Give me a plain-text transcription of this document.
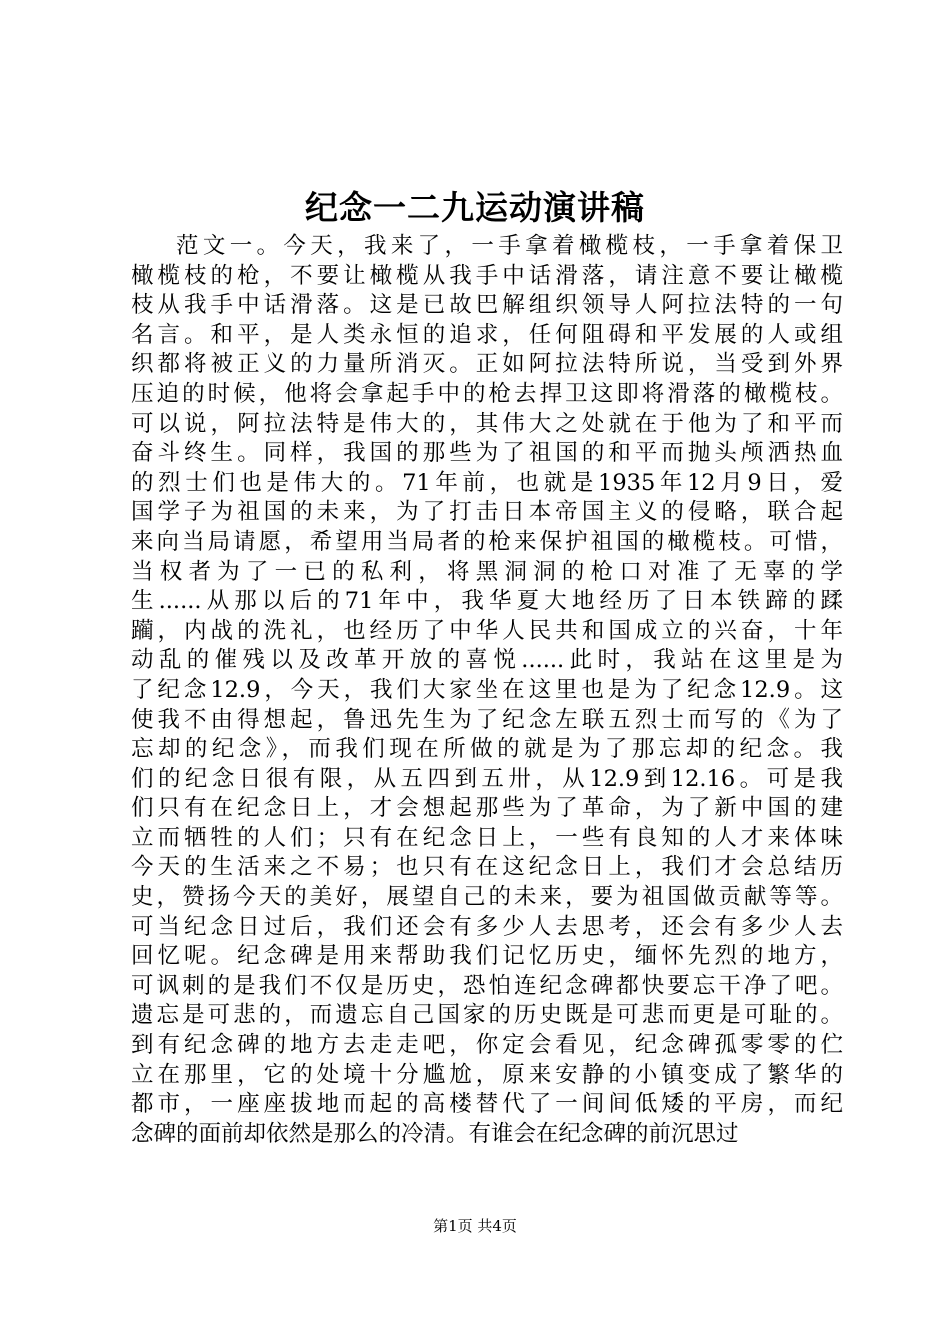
纪念一二九运动演讲稿
范文一。今天，我来了，一手拿着橄榄枝，一手拿着保卫
橄榄枝的枪，不要让橄榄从我手中话滑落，请注意不要让橄榄
枝从我手中话滑落。这是已故巴解组织领导人阿拉法特的一句
名言。和平，是人类永恒的追求，任何阻碍和平发展的人或组
织都将被正义的力量所消灭。正如阿拉法特所说，当受到外界
压迫的时候，他将会拿起手中的枪去捍卫这即将滑落的橄榄枝。
可以说，阿拉法特是伟大的，其伟大之处就在于他为了和平而
奋斗终生。同样，我国的那些为了祖国的和平而抛头颅洒热血
的烈士们也是伟大的。71年前，也就是1935年12月9日，爱
国学子为祖国的未来，为了打击日本帝国主义的侵略，联合起
来向当局请愿，希望用当局者的枪来保护祖国的橄榄枝。可惜，
当权者为了一已的私利，将黑洞洞的枪口对准了无辜的学
生......从那以后的71年中，我华夏大地经历了日本铁蹄的蹂
躏，内战的洗礼，也经历了中华人民共和国成立的兴奋，十年
动乱的催残以及改革开放的喜悦......此时，我站在这里是为
了纪念12.9，今天，我们大家坐在这里也是为了纪念12.9。这
使我不由得想起，鲁迅先生为了纪念左联五烈士而写的《为了
忘却的纪念》，而我们现在所做的就是为了那忘却的纪念。我
们的纪念日很有限，从五四到五卅，从12.9到12.16。可是我
们只有在纪念日上，才会想起那些为了革命，为了新中国的建
立而牺牲的人们；只有在纪念日上，一些有良知的人才来体味
今天的生活来之不易；也只有在这纪念日上，我们才会总结历
史，赞扬今天的美好，展望自己的未来，要为祖国做贡献等等。
可当纪念日过后，我们还会有多少人去思考，还会有多少人去
回忆呢。纪念碑是用来帮助我们记忆历史，缅怀先烈的地方，
可讽刺的是我们不仅是历史，恐怕连纪念碑都快要忘干净了吧。
遗忘是可悲的，而遗忘自己国家的历史既是可悲而更是可耻的。
到有纪念碑的地方去走走吧，你定会看见，纪念碑孤零零的伫
立在那里，它的处境十分尴尬，原来安静的小镇变成了繁华的
都市，一座座拔地而起的高楼替代了一间间低矮的平房，而纪
念碑的面前却依然是那么的冷清。有谁会在纪念碑的前沉思过
第1页 共4页
